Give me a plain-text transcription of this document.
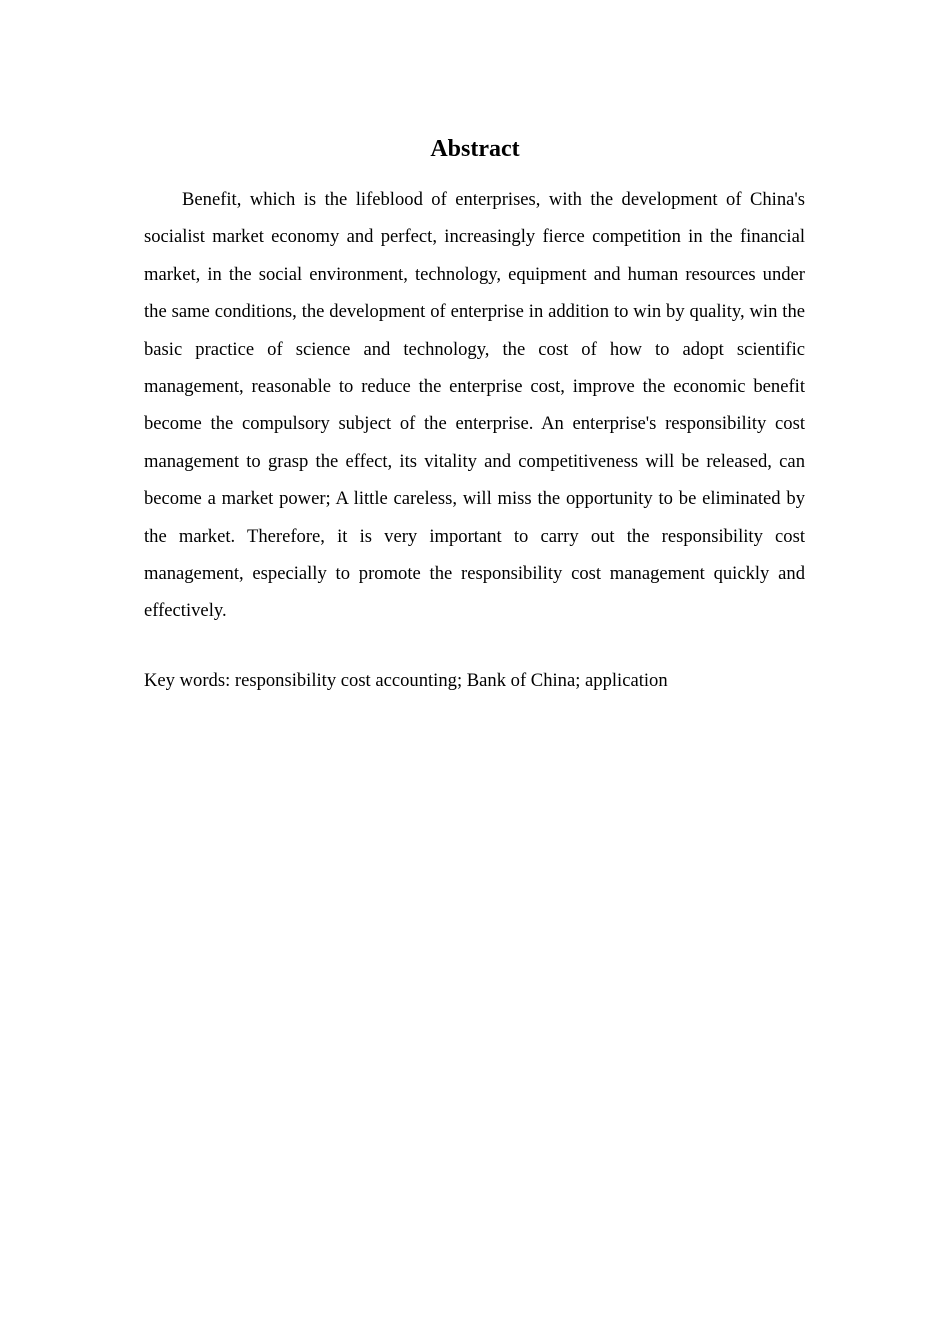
Abstract

Benefit, which is the lifeblood of enterprises, with the development of China's socialist market economy and perfect, increasingly fierce competition in the financial market, in the social environment, technology, equipment and human resources under the same conditions, the development of enterprise in addition to win by quality, win the basic practice of science and technology, the cost of how to adopt scientific management, reasonable to reduce the enterprise cost, improve the economic benefit become the compulsory subject of the enterprise. An enterprise's responsibility cost management to grasp the effect, its vitality and competitiveness will be released, can become a market power; A little careless, will miss the opportunity to be eliminated by the market. Therefore, it is very important to carry out the responsibility cost management, especially to promote the responsibility cost management quickly and effectively.

Key words: responsibility cost accounting; Bank of China; application
